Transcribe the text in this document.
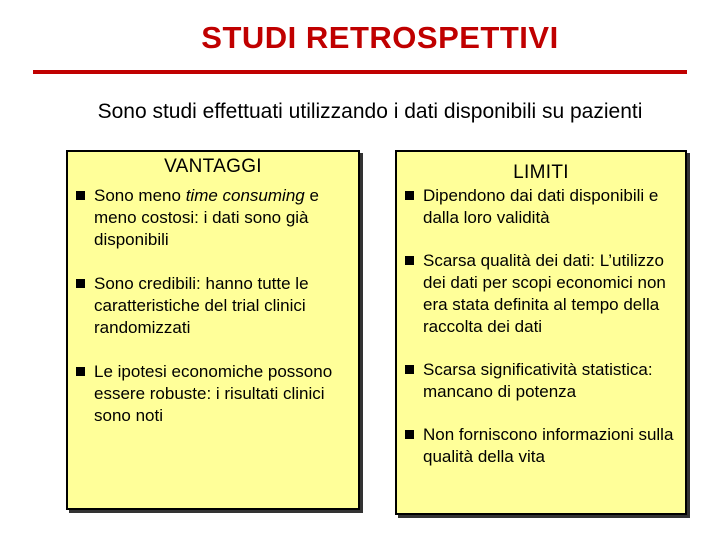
STUDI RETROSPETTIVI
Sono studi effettuati utilizzando i dati disponibili su pazienti
VANTAGGI
Sono meno time consuming e meno costosi: i dati sono già disponibili
Sono credibili: hanno tutte le caratteristiche del trial clinici randomizzati
Le ipotesi economiche possono essere robuste: i risultati clinici sono noti
LIMITI
Dipendono dai dati disponibili e dalla loro validità
Scarsa qualità dei dati: L’utilizzo dei dati per scopi economici non era stata definita al tempo della raccolta dei dati
Scarsa significatività statistica: mancano di potenza
Non forniscono informazioni sulla qualità della vita
